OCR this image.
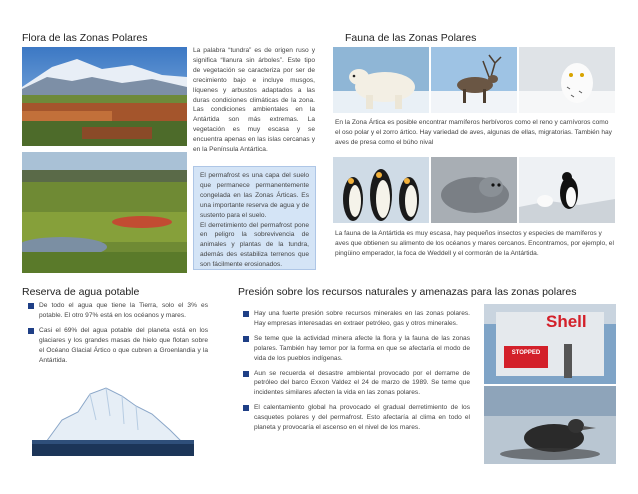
Flora de las Zonas Polares
La palabra “tundra” es de origen ruso y significa “llanura sin árboles”. Este tipo de vegetación se caracteriza por ser de crecimiento bajo e incluye musgos, líquenes y arbustos adaptados a las duras condiciones climáticas de la zona. Las condiciones ambientales en la Antártida son más extremas. La vegetación es muy escasa y se encuentra apenas en las islas cercanas y en la Península Antártica.
El permafrost es una capa del suelo que permanece permanentemente congelada en las Zonas Árticas. Es una importante reserva de agua y de sustento para el suelo.
El derretimiento del permafrost pone en peligro la sobrevivencia de animales y plantas de la tundra, además des estabiliza terrenos que son fácilmente erosionados.
Fauna de las Zonas Polares
En la Zona Ártica es posible encontrar mamíferos herbívoros como el reno y carnívoros como el oso polar y el zorro ártico. Hay variedad de aves, algunas de ellas, migratorias. También hay aves de presa como el búho nival
La fauna de la Antártida es muy escasa, hay pequeños insectos y especies de mamíferos y aves que obtienen su alimento de los océanos y mares cercanos. Encontramos, por ejemplo, el pingüino emperador, la foca de Weddell y el cormorán de la Antártida.
Reserva de agua potable
De todo el agua que tiene la Tierra, solo el 3% es potable. El otro 97% está en los océanos y mares.
Casi el 69% del agua potable del planeta está en los glaciares y los grandes masas de hielo que flotan sobre el Océano Glacial Ártico o que cubren a Groenlandia y la Antártida.
Presión sobre los recursos naturales y amenazas para las zonas polares
Hay una fuerte presión sobre recursos minerales en las zonas polares. Hay empresas interesadas en extraer petróleo, gas y otros minerales.
Se teme que la actividad minera afecte la flora y la fauna de las zonas polares. También hay temor por la forma en que se afectaría el modo de vida de los pueblos indígenas.
Aun se recuerda el desastre ambiental provocado por el derrame de petróleo del barco Exxon Valdez el 24 de marzo de 1989. Se teme que incidentes similares afecten la vida en las zonas polares.
El calentamiento global ha provocado el gradual derretimiento de los casquetes polares y del permafrost. Esto afectaría al clima en todo el planeta y provocaría el ascenso en el nivel de los mares.
Shell
STOPPED
